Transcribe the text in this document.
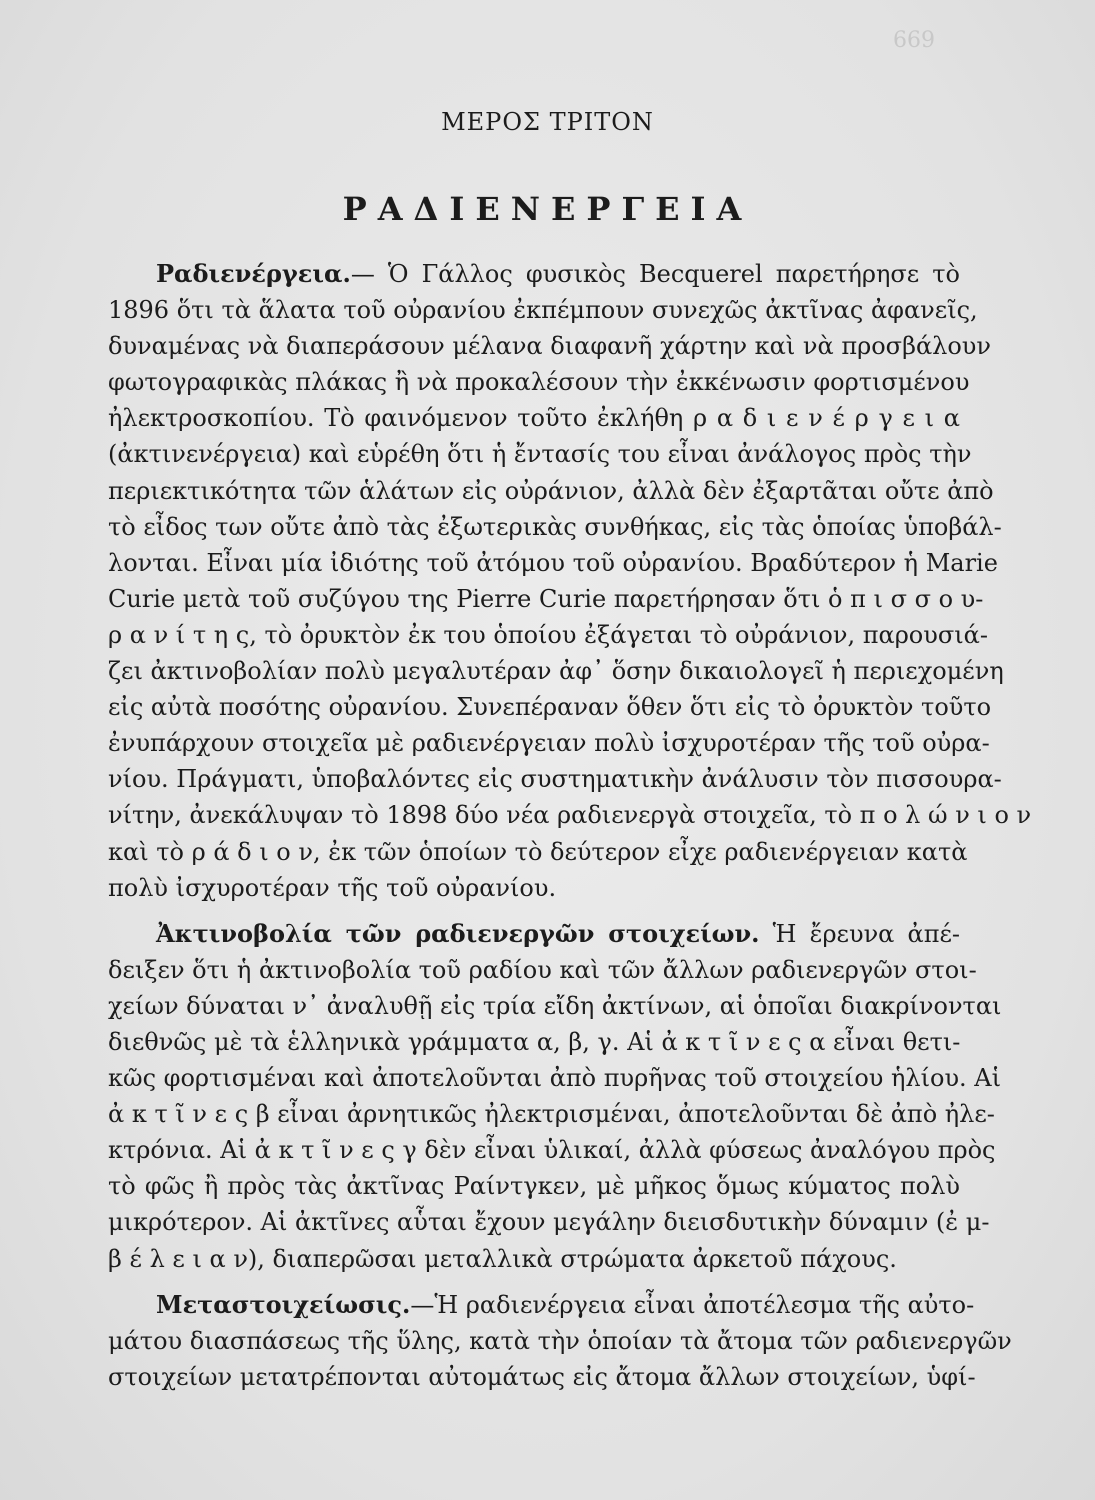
669
ΜΕΡΟΣ ΤΡΙΤΟΝ
ΡΑΔΙΕΝΕΡΓΕΙΑ
Ραδιενέργεια.— Ὁ Γάλλος φυσικὸς Becquerel παρετήρησε τὸ
1896 ὅτι τὰ ἅλατα τοῦ οὐρανίου ἐκπέμπουν συνεχῶς ἀκτῖνας ἀφανεῖς,
δυναμένας νὰ διαπεράσουν μέλανα διαφανῆ χάρτην καὶ νὰ προσβάλουν
φωτογραφικὰς πλάκας ἢ νὰ προκαλέσουν τὴν ἐκκένωσιν φορτισμένου
ἠλεκτροσκοπίου. Τὸ φαινόμενον τοῦτο ἐκλήθη ρ α δ ι ε ν έ ρ γ ε ι α
(ἀκτινενέργεια) καὶ εὑρέθη ὅτι ἡ ἔντασίς του εἶναι ἀνάλογος πρὸς τὴν
περιεκτικότητα τῶν ἁλάτων εἰς οὐράνιον, ἀλλὰ δὲν ἐξαρτᾶται οὔτε ἀπὸ
τὸ εἶδος των οὔτε ἀπὸ τὰς ἐξωτερικὰς συνθήκας, εἰς τὰς ὁποίας ὑποβάλ-
λονται. Εἶναι μία ἰδιότης τοῦ ἀτόμου τοῦ οὐρανίου. Βραδύτερον ἡ Marie
Curie μετὰ τοῦ συζύγου της Pierre Curie παρετήρησαν ὅτι ὁ π ι σ σ ο υ-
ρ α ν ί τ η ς, τὸ ὀρυκτὸν ἐκ του ὁποίου ἐξάγεται τὸ οὐράνιον, παρουσιά-
ζει ἀκτινοβολίαν πολὺ μεγαλυτέραν ἀφ᾽ ὅσην δικαιολογεῖ ἡ περιεχομένη
εἰς αὐτὰ ποσότης οὐρανίου. Συνεπέραναν ὅθεν ὅτι εἰς τὸ ὀρυκτὸν τοῦτο
ἐνυπάρχουν στοιχεῖα μὲ ραδιενέργειαν πολὺ ἰσχυροτέραν τῆς τοῦ οὐρα-
νίου. Πράγματι, ὑποβαλόντες εἰς συστηματικὴν ἀνάλυσιν τὸν πισσουρα-
νίτην, ἀνεκάλυψαν τὸ 1898 δύο νέα ραδιενεργὰ στοιχεῖα, τὸ π ο λ ώ ν ι ο ν
καὶ τὸ ρ ά δ ι ο ν, ἐκ τῶν ὁποίων τὸ δεύτερον εἶχε ραδιενέργειαν κατὰ
πολὺ ἰσχυροτέραν τῆς τοῦ οὐρανίου.
Ἀκτινοβολία τῶν ραδιενεργῶν στοιχείων. Ἡ ἔρευνα ἀπέ-
δειξεν ὅτι ἡ ἀκτινοβολία τοῦ ραδίου καὶ τῶν ἄλλων ραδιενεργῶν στοι-
χείων δύναται ν᾽ ἀναλυθῇ εἰς τρία εἴδη ἀκτίνων, αἱ ὁποῖαι διακρίνονται
διεθνῶς μὲ τὰ ἑλληνικὰ γράμματα α, β, γ. Αἱ ἀ κ τ ῖ ν ε ς α εἶναι θετι-
κῶς φορτισμέναι καὶ ἀποτελοῦνται ἀπὸ πυρῆνας τοῦ στοιχείου ἡλίου. Αἱ
ἀ κ τ ῖ ν ε ς β εἶναι ἀρνητικῶς ἠλεκτρισμέναι, ἀποτελοῦνται δὲ ἀπὸ ἠλε-
κτρόνια. Αἱ ἀ κ τ ῖ ν ε ς γ δὲν εἶναι ὑλικαί, ἀλλὰ φύσεως ἀναλόγου πρὸς
τὸ φῶς ἢ πρὸς τὰς ἀκτῖνας Ραίντγκεν, μὲ μῆκος ὅμως κύματος πολὺ
μικρότερον. Αἱ ἀκτῖνες αὗται ἔχουν μεγάλην διεισδυτικὴν δύναμιν (ἐ μ-
β έ λ ε ι α ν), διαπερῶσαι μεταλλικὰ στρώματα ἀρκετοῦ πάχους.
Μεταστοιχείωσις.—Ἡ ραδιενέργεια εἶναι ἀποτέλεσμα τῆς αὐτο-
μάτου διασπάσεως τῆς ὕλης, κατὰ τὴν ὁποίαν τὰ ἄτομα τῶν ραδιενεργῶν
στοιχείων μετατρέπονται αὐτομάτως εἰς ἄτομα ἄλλων στοιχείων, ὑφί-
